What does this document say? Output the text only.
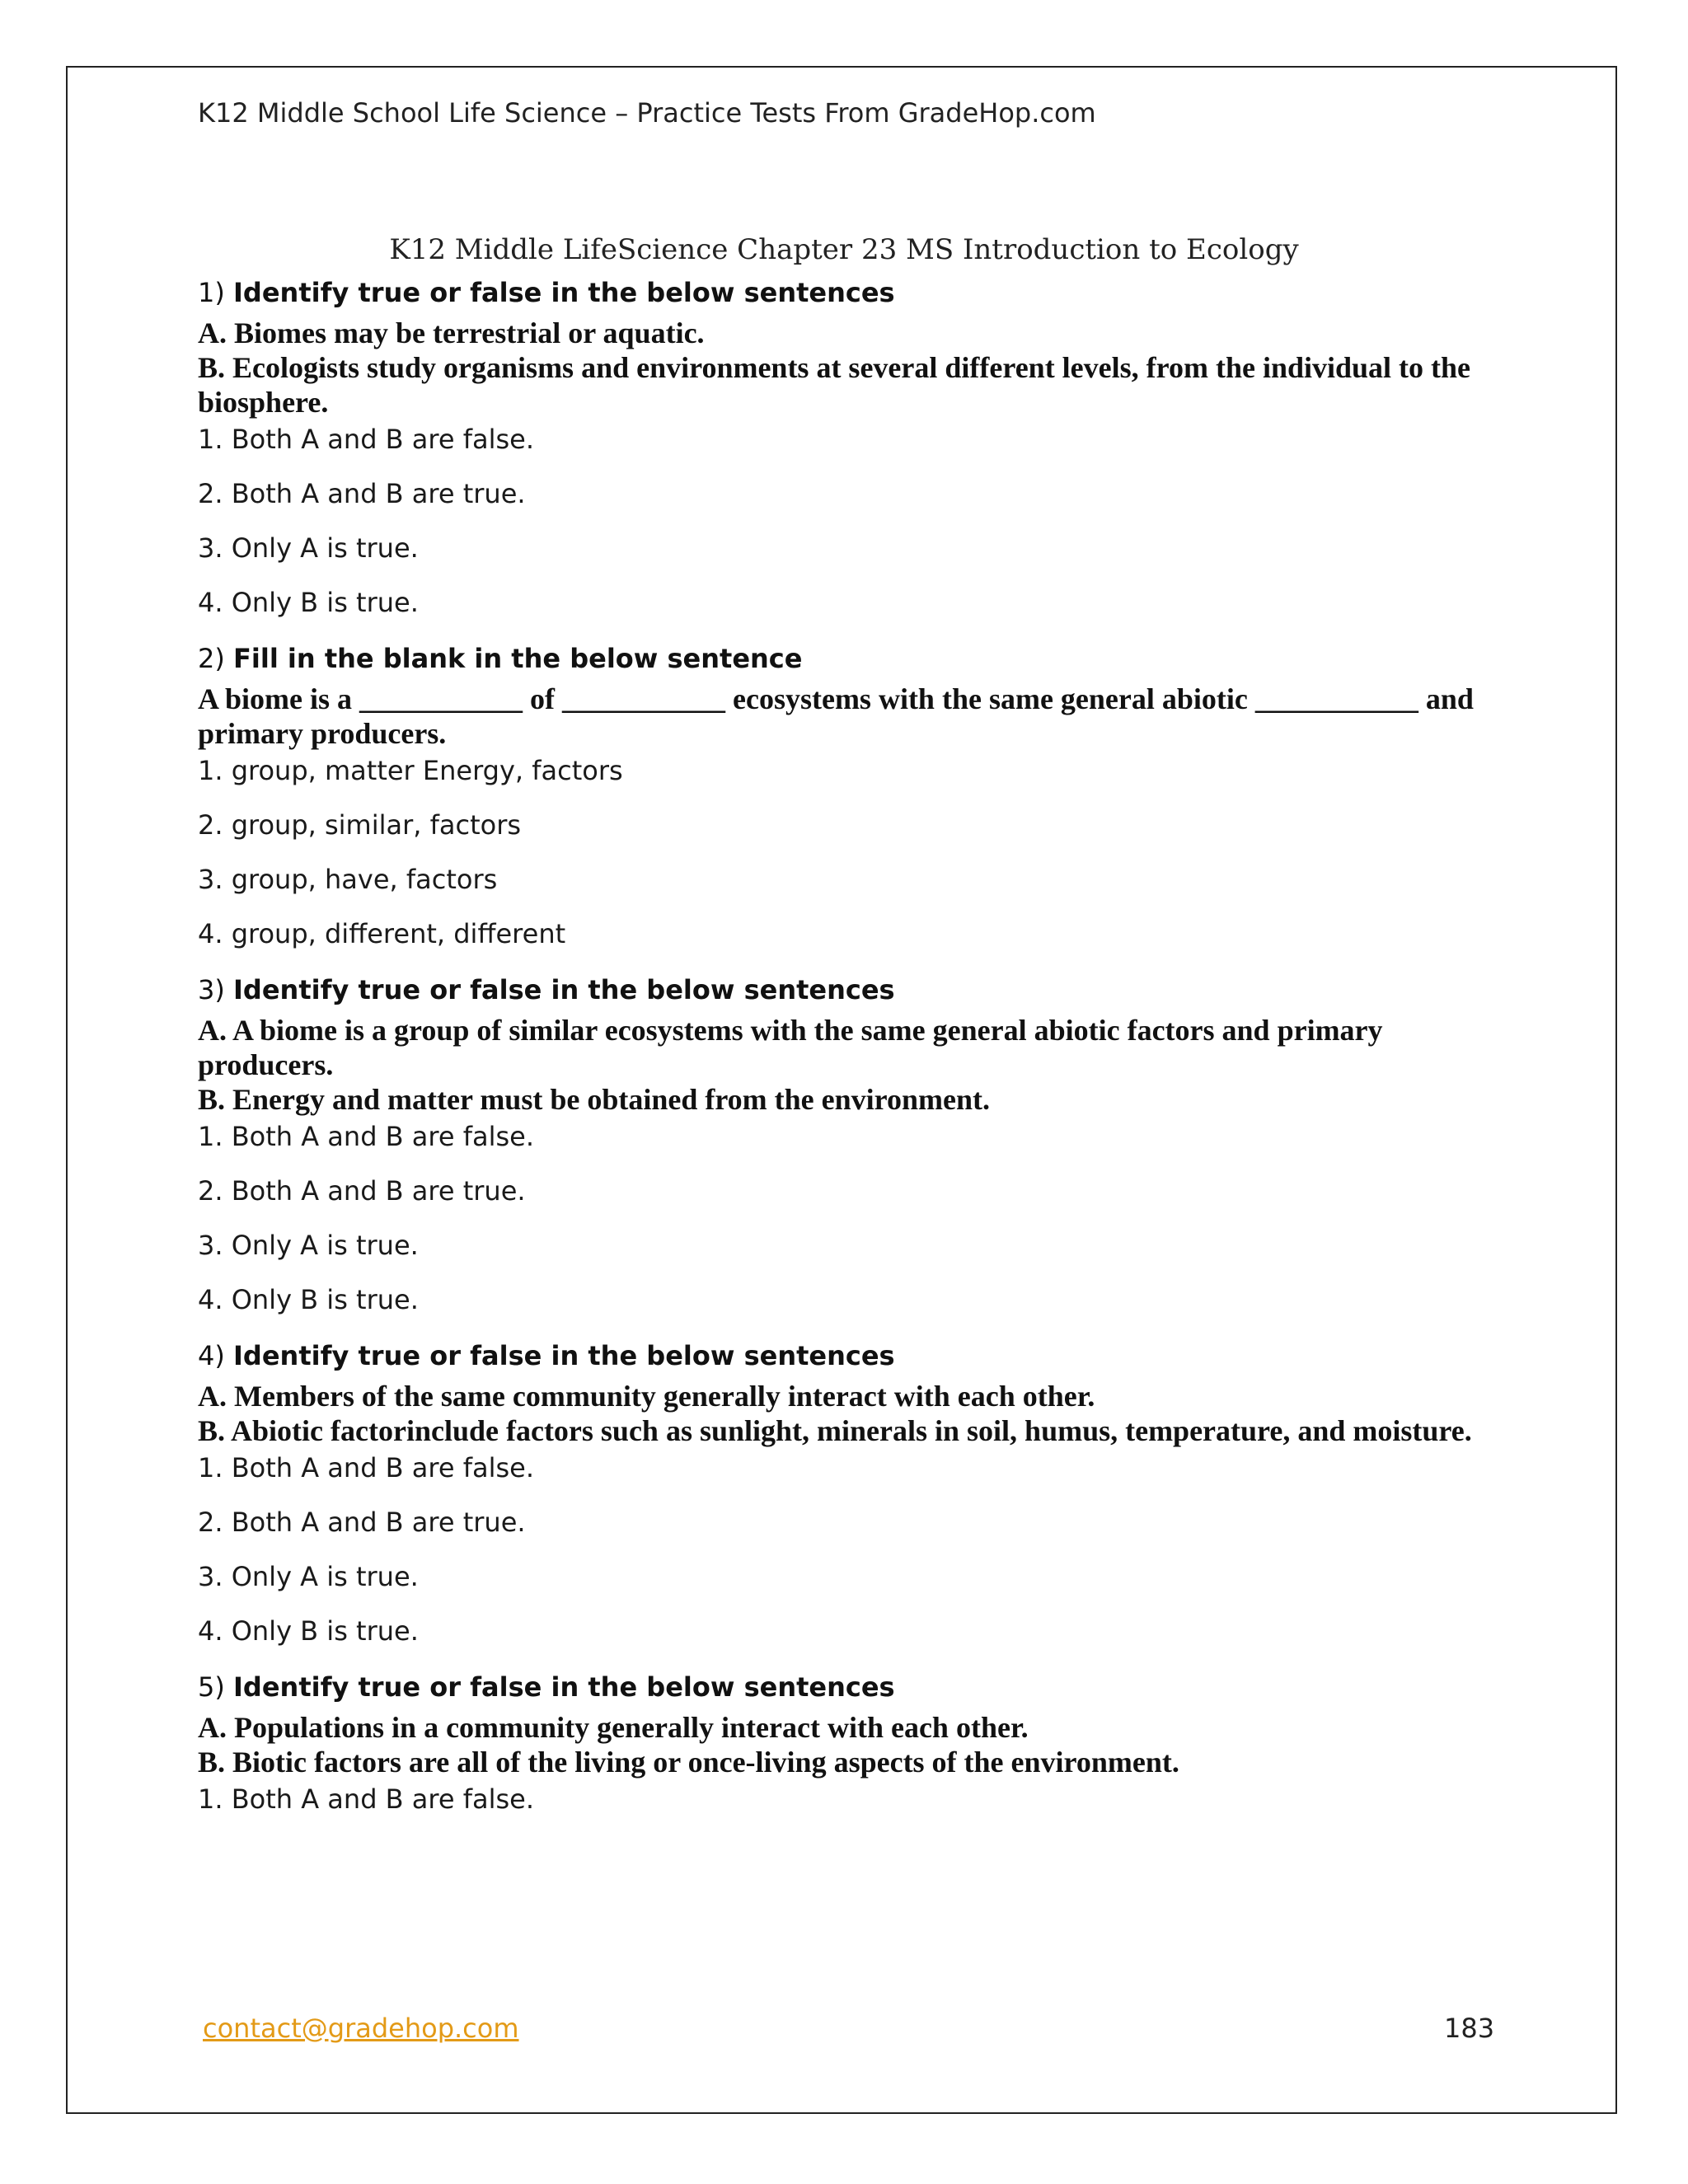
K12 Middle School Life Science – Practice Tests From GradeHop.com
K12 Middle LifeScience Chapter 23 MS Introduction to Ecology
1) Identify true or false in the below sentences
A. Biomes may be terrestrial or aquatic.
B. Ecologists study organisms and environments at several different levels, from the individual to the biosphere.
1. Both A and B are false.
2. Both A and B are true.
3. Only A is true.
4. Only B is true.
2) Fill in the blank in the below sentence
A biome is a ___________ of ___________ ecosystems with the same general abiotic ___________ and primary producers.
1. group, matter Energy, factors
2. group, similar, factors
3. group, have, factors
4. group, different, different
3) Identify true or false in the below sentences
A. A biome is a group of similar ecosystems with the same general abiotic factors and primary producers.
B. Energy and matter must be obtained from the environment.
1. Both A and B are false.
2. Both A and B are true.
3. Only A is true.
4. Only B is true.
4) Identify true or false in the below sentences
A. Members of the same community generally interact with each other.
B. Abiotic factorinclude factors such as sunlight, minerals in soil, humus, temperature, and moisture.
1. Both A and B are false.
2. Both A and B are true.
3. Only A is true.
4. Only B is true.
5) Identify true or false in the below sentences
A. Populations in a community generally interact with each other.
B. Biotic factors are all of the living or once-living aspects of the environment.
1. Both A and B are false.
contact@gradehop.com	183
